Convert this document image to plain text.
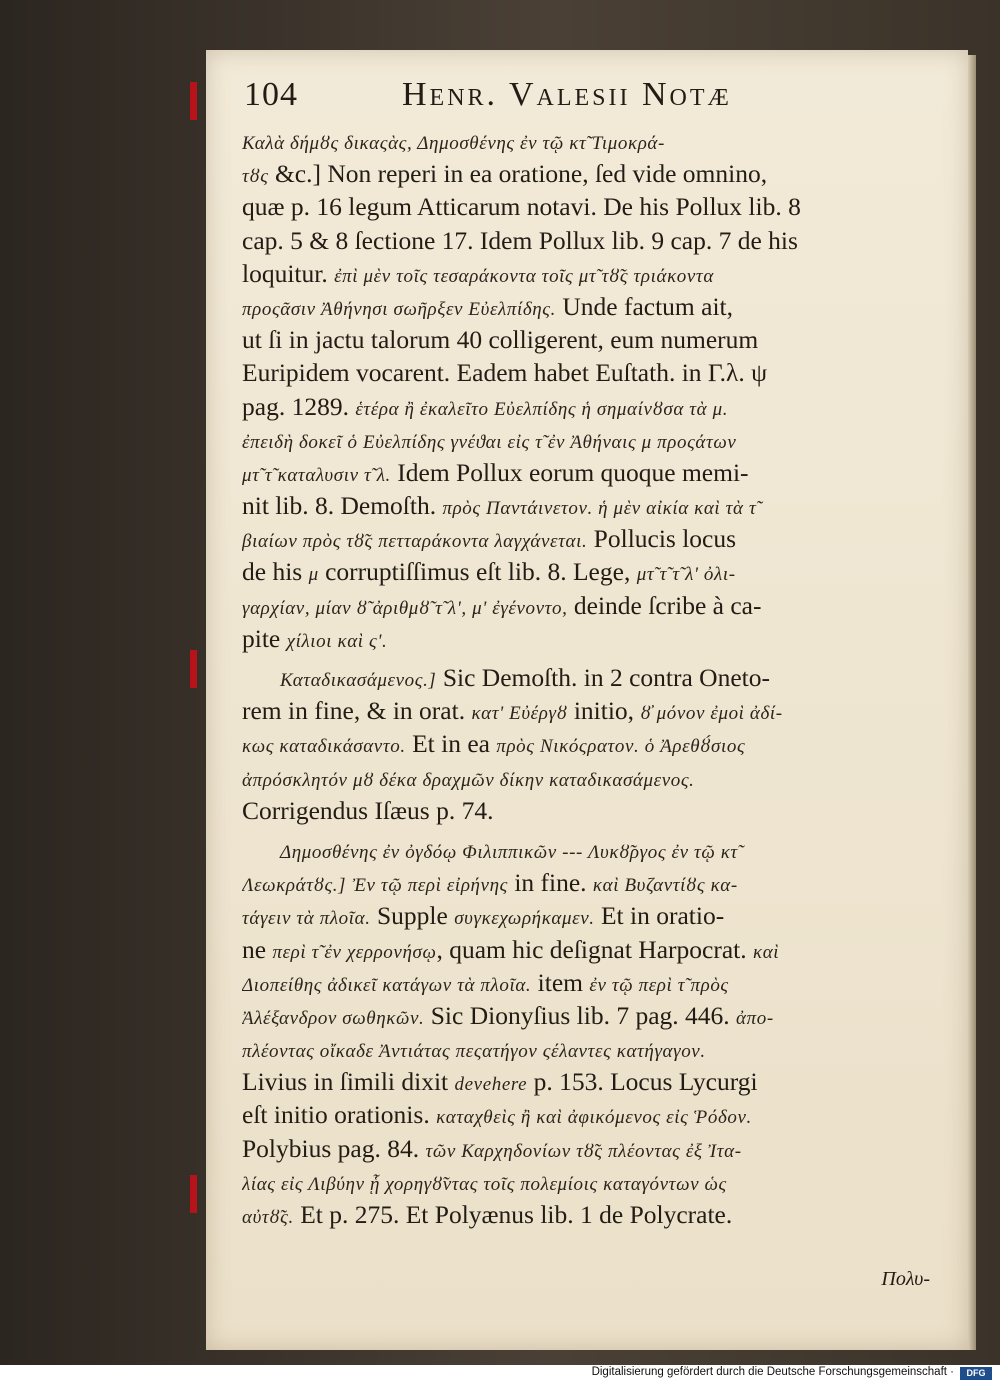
104	Henr. Valesii Notæ
Καλὰ δήμȣς δικαςὰς, Δημοσθένης ἐν τῷ κτ̃ Τιμοκρά-
τȣς &c.] Non reperi in ea oratione, ſed vide omnino,
quæ p. 16 legum Atticarum notavi. De his Pollux lib. 8
cap. 5 & 8 ſectione 17. Idem Pollux lib. 9 cap. 7 de his
loquitur. ἐπὶ μὲν τοῖς τεσαράκοντα τοῖς μτ̃ τȣ̃ς τριάκοντα
προςᾶσιν Ἀθήνησι σωῆρξεν Εὐελπίδης. Unde factum ait,
ut ſi in jactu talorum 40 colligerent, eum numerum
Euripidem vocarent. Eadem habet Euſtath. in Γ.λ. ψ
pag. 1289. ἑτέρα ἢ ἐκαλεῖτο Εὐελπίδης ἡ σημαίνȣσα τὰ μ.
ἐπειδὴ δοκεῖ ὁ Εὐελπίδης γνέϑαι εἰς τ̃ ἐν Ἀθήναις μ προςάτων
μτ̃ τ̃ καταλυσιν τ̃ λ. Idem Pollux eorum quoque memi-
nit lib. 8. Demoſth. πρὸς Παντάινετον. ἡ μὲν αἰκία καὶ τὰ τ̃
βιαίων πρὸς τȣ̃ς πετταράκοντα λαγχάνεται. Pollucis locus
de his μ corruptiſſimus eſt lib. 8. Lege, μτ̃ τ̃ τ̃ λ' ὀλι-
γαρχίαν, μίαν ȣ̃ ἀριθμȣ̃ τ̃ λ', μ' ἐγένοντο, deinde ſcribe à ca-
pite χίλιοι καὶ ς'.
Καταδικασάμενος.] Sic Demoſth. in 2 contra Oneto-
rem in fine, & in orat. κατ' Εὐέργȣ initio, ȣ̓ μόνον ἐμοὶ ἀδί-
κως καταδικάσαντο. Et in ea πρὸς Νικόςρατον. ὁ Ἀρεθȣ́σιος
ἀπρόσκλητόν μȣ δέκα δραχμῶν δίκην καταδικασάμενος.
Corrigendus Iſæus p. 74.
Δημοσθένης ἐν ὀγδόῳ Φιλιππικῶν --- Λυκȣ̃ργος ἐν τῷ κτ̃
Λεωκράτȣς.] Ἐν τῷ περὶ εἰρήνης in fine. καὶ Βυζαντίȣς κα-
τάγειν τὰ πλοῖα. Supple συγκεχωρήκαμεν. Et in oratio-
ne περὶ τ̃ ἐν χερρονήσῳ, quam hic deſignat Harpocrat. καὶ
Διοπείθης ἀδικεῖ κατάγων τὰ πλοῖα. item ἐν τῷ περὶ τ̃ πρὸς
Ἀλέξανδρον σωθηκῶν. Sic Dionyſius lib. 7 pag. 446. ἀπο-
πλέοντας οἴκαδε Ἀντιάτας πεςατήγον ςέλαντες κατήγαγον.
Livius in ſimili dixit devehere p. 153. Locus Lycurgi
eſt initio orationis. καταχθεὶς ἢ καὶ ἀφικόμενος εἰς Ῥόδον.
Polybius pag. 84. τῶν Καρχηδονίων τȣ̃ς πλέοντας ἐξ Ἰτα-
λίας εἰς Λιβύην ᾗ χορηγȣ̃ντας τοῖς πολεμίοις καταγόντων ὡς
αὐτȣ̃ς. Et p. 275. Et Polyænus lib. 1 de Polycrate.
Πολυ-
Digitalisierung gefördert durch die Deutsche Forschungsgemeinschaft ·	DFG
